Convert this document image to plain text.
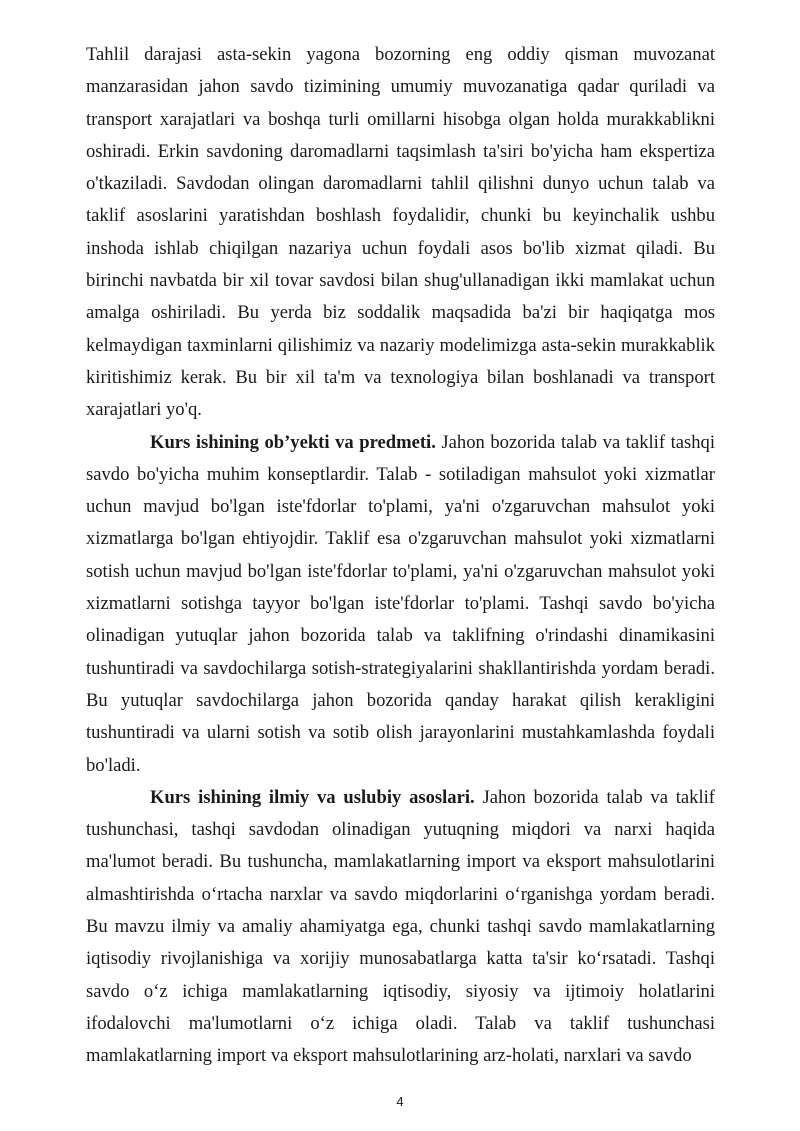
Tahlil darajasi asta-sekin yagona bozorning eng oddiy qisman muvozanat manzarasidan jahon savdo tizimining umumiy muvozanatiga qadar quriladi va transport xarajatlari va boshqa turli omillarni hisobga olgan holda murakkablikni oshiradi. Erkin savdoning daromadlarni taqsimlash ta'siri bo'yicha ham ekspertiza o'tkaziladi. Savdodan olingan daromadlarni tahlil qilishni dunyo uchun talab va taklif asoslarini yaratishdan boshlash foydalidir, chunki bu keyinchalik ushbu inshoda ishlab chiqilgan nazariya uchun foydali asos bo'lib xizmat qiladi. Bu birinchi navbatda bir xil tovar savdosi bilan shug'ullanadigan ikki mamlakat uchun amalga oshiriladi. Bu yerda biz soddalik maqsadida ba'zi bir haqiqatga mos kelmaydigan taxminlarni qilishimiz va nazariy modelimizga asta-sekin murakkablik kiritishimiz kerak. Bu bir xil ta'm va texnologiya bilan boshlanadi va transport xarajatlari yo'q.

Kurs ishining ob’yekti va predmeti. Jahon bozorida talab va taklif tashqi savdo bo'yicha muhim konseptlardir. Talab - sotiladigan mahsulot yoki xizmatlar uchun mavjud bo'lgan iste'fdorlar to'plami, ya'ni o'zgaruvchan mahsulot yoki xizmatlarga bo'lgan ehtiyojdir. Taklif esa o'zgaruvchan mahsulot yoki xizmatlarni sotish uchun mavjud bo'lgan iste'fdorlar to'plami, ya'ni o'zgaruvchan mahsulot yoki xizmatlarni sotishga tayyor bo'lgan iste'fdorlar to'plami. Tashqi savdo bo'yicha olinadigan yutuqlar jahon bozorida talab va taklifning o'rindashi dinamikasini tushuntiradi va savdochilarga sotish-strategiyalarini shakllantirishda yordam beradi. Bu yutuqlar savdochilarga jahon bozorida qanday harakat qilish kerakligini tushuntiradi va ularni sotish va sotib olish jarayonlarini mustahkamlashda foydali bo'ladi.

Kurs ishining ilmiy va uslubiy asoslari. Jahon bozorida talab va taklif tushunchasi, tashqi savdodan olinadigan yutuqning miqdori va narxi haqida ma'lumot beradi. Bu tushuncha, mamlakatlarning import va eksport mahsulotlarini almashtirishda o‘rtacha narxlar va savdo miqdorlarini o‘rganishga yordam beradi. Bu mavzu ilmiy va amaliy ahamiyatga ega, chunki tashqi savdo mamlakatlarning iqtisodiy rivojlanishiga va xorijiy munosabatlarga katta ta'sir ko‘rsatadi. Tashqi savdo o‘z ichiga mamlakatlarning iqtisodiy, siyosiy va ijtimoiy holatlarini ifodalovchi ma'lumotlarni o‘z ichiga oladi. Talab va taklif tushunchasi mamlakatlarning import va eksport mahsulotlarining arz-holati, narxlari va savdo

4
